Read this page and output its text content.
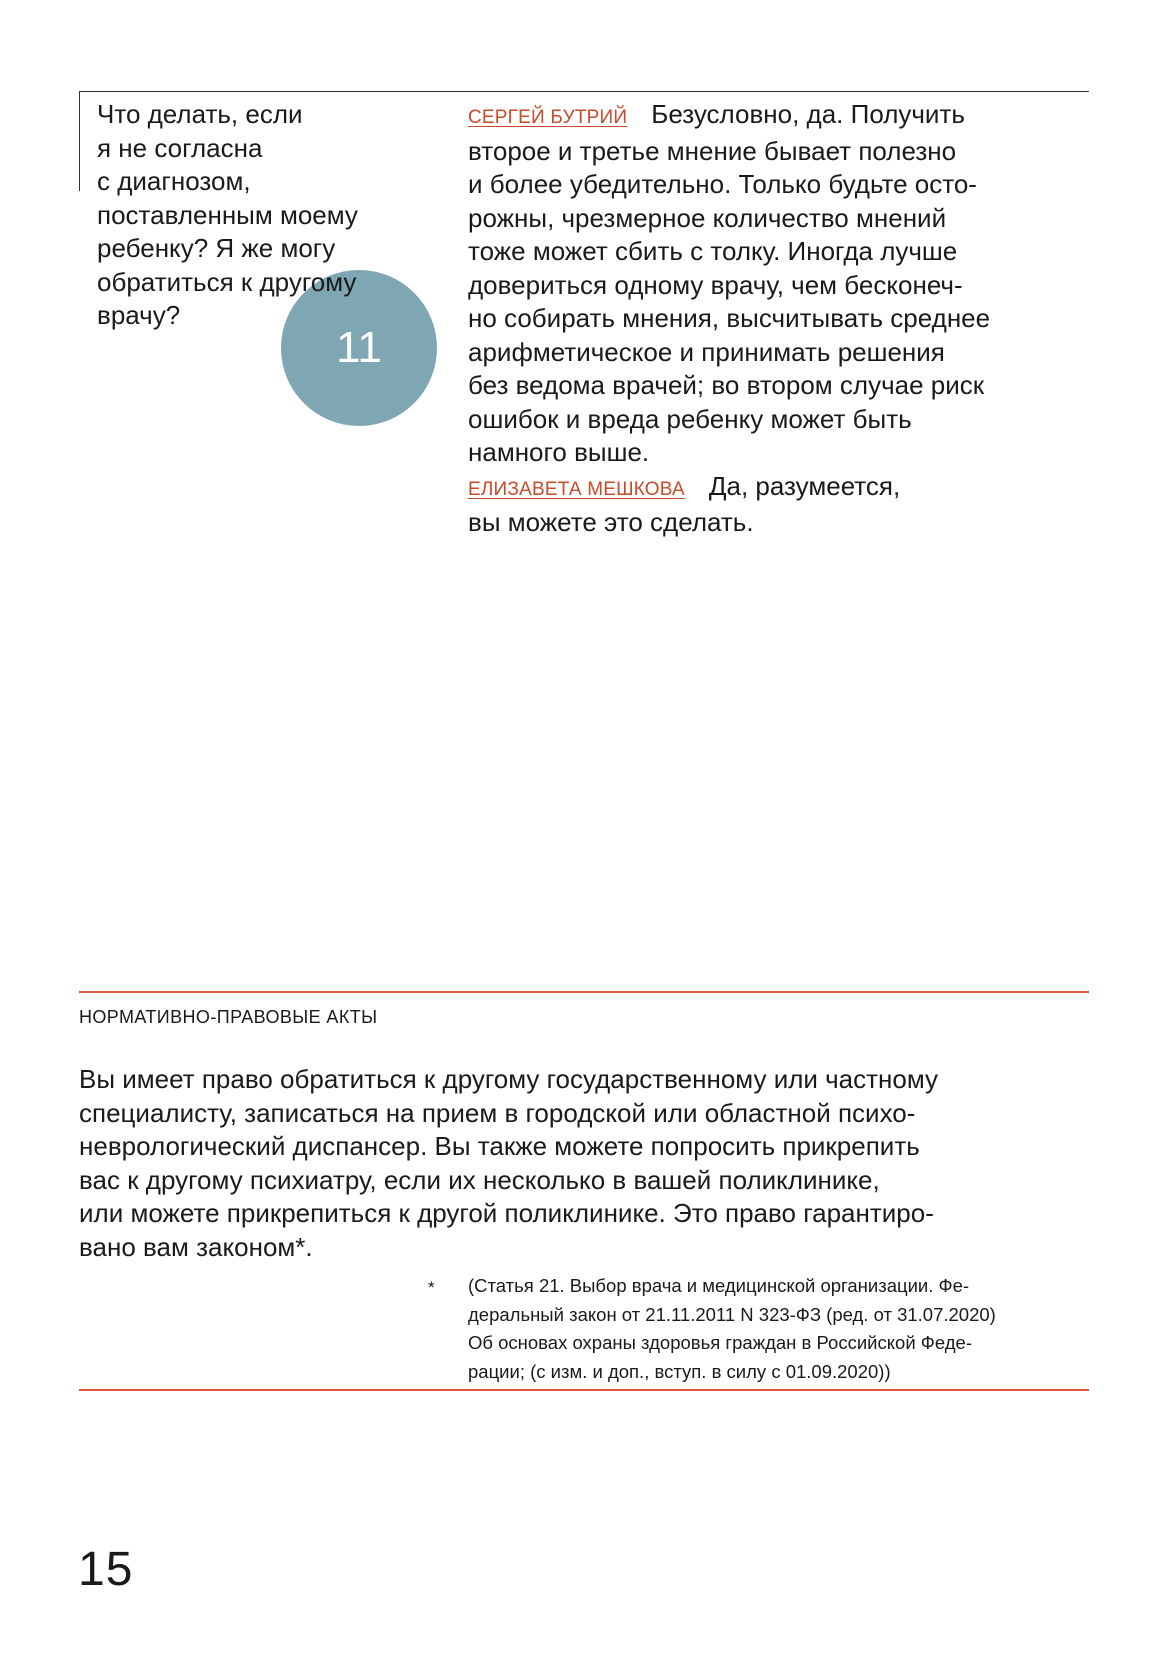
11

Что делать, если
я не согласна
с диагнозом,
поставленным моему
ребенку? Я же могу
обратиться к другому
врачу?

СЕРГЕЙ БУТРИЙ Безусловно, да. Получить
второе и третье мнение бывает полезно
и более убедительно. Только будьте осто-
рожны, чрезмерное количество мнений
тоже может сбить с толку. Иногда лучше
довериться одному врачу, чем бесконеч-
но собирать мнения, высчитывать среднее
арифметическое и принимать решения
без ведома врачей; во втором случае риск
ошибок и вреда ребенку может быть
намного выше.

ЕЛИЗАВЕТА МЕШКОВА Да, разумеется,
вы можете это сделать.

НОРМАТИВНО-ПРАВОВЫЕ АКТЫ

Вы имеет право обратиться к другому государственному или частному
специалисту, записаться на прием в городской или областной психо-
неврологический диспансер. Вы также можете попросить прикрепить
вас к другому психиатру, если их несколько в вашей поликлинике,
или можете прикрепиться к другой поликлинике. Это право гарантиро-
вано вам законом*.

* (Статья 21. Выбор врача и медицинской организации. Фе-
деральный закон от 21.11.2011 N 323-ФЗ (ред. от 31.07.2020)
Об основах охраны здоровья граждан в Российской Феде-
рации; (с изм. и доп., вступ. в силу с 01.09.2020))

15
